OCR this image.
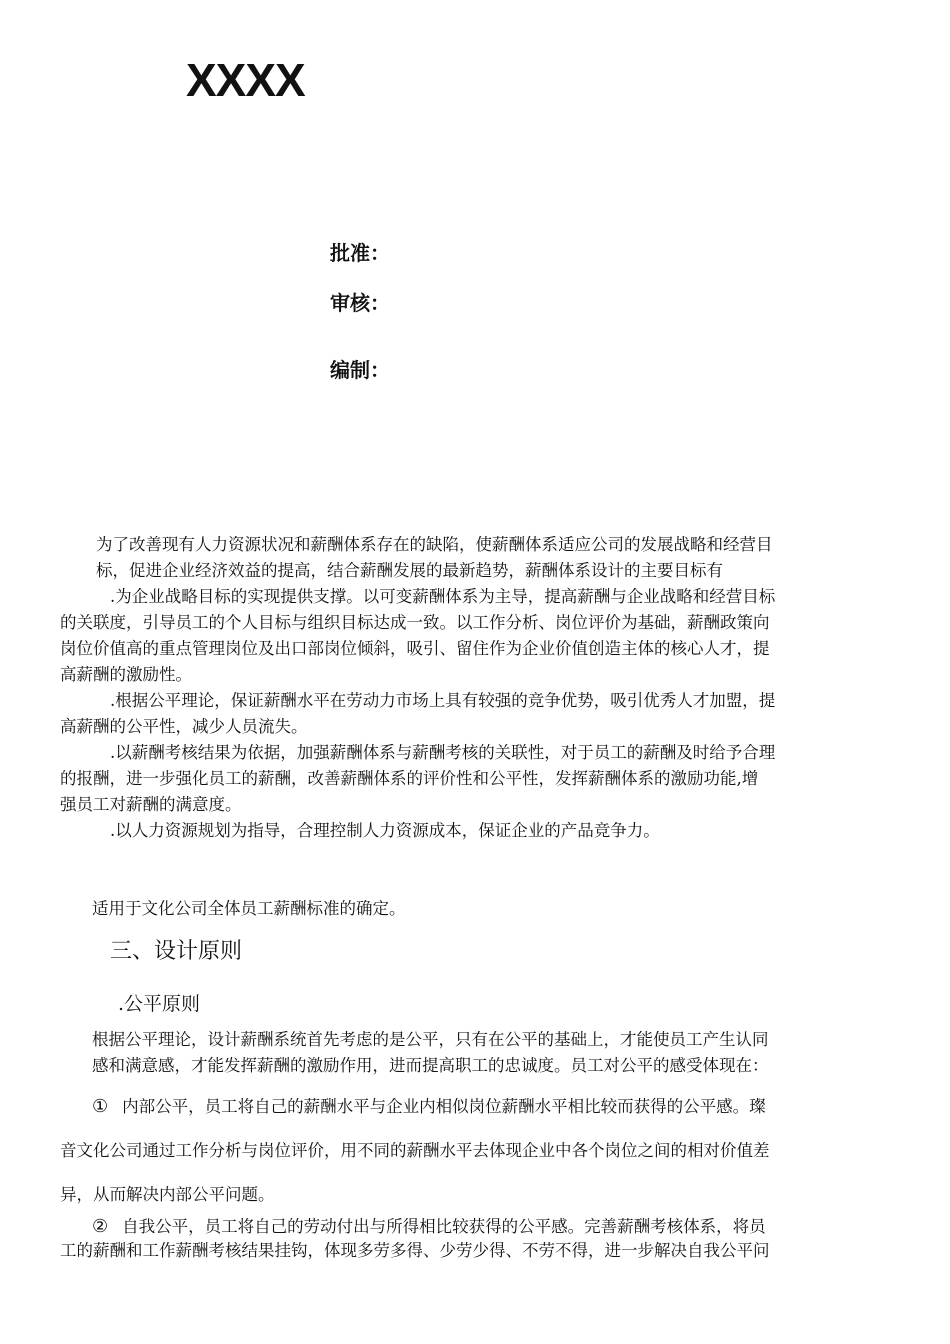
XXXX
批准：
审核：
编制：
为了改善现有人力资源状况和薪酬体系存在的缺陷，使薪酬体系适应公司的发展战略和经营目
标，促进企业经济效益的提高，结合薪酬发展的最新趋势，薪酬体系设计的主要目标有
.为企业战略目标的实现提供支撑。以可变薪酬体系为主导，提高薪酬与企业战略和经营目标
的关联度，引导员工的个人目标与组织目标达成一致。以工作分析、岗位评价为基础，薪酬政策向
岗位价值高的重点管理岗位及出口部岗位倾斜，吸引、留住作为企业价值创造主体的核心人才，提
高薪酬的激励性。
.根据公平理论，保证薪酬水平在劳动力市场上具有较强的竞争优势，吸引优秀人才加盟，提
高薪酬的公平性，减少人员流失。
.以薪酬考核结果为依据，加强薪酬体系与薪酬考核的关联性，对于员工的薪酬及时给予合理
的报酬，进一步强化员工的薪酬，改善薪酬体系的评价性和公平性，发挥薪酬体系的激励功能,增
强员工对薪酬的满意度。
.以人力资源规划为指导，合理控制人力资源成本，保证企业的产品竞争力。
适用于文化公司全体员工薪酬标准的确定。
三、设计原则
.公平原则
根据公平理论，设计薪酬系统首先考虑的是公平，只有在公平的基础上，才能使员工产生认同
感和满意感，才能发挥薪酬的激励作用，进而提高职工的忠诚度。员工对公平的感受体现在：
① 内部公平，员工将自己的薪酬水平与企业内相似岗位薪酬水平相比较而获得的公平感。璨
音文化公司通过工作分析与岗位评价，用不同的薪酬水平去体现企业中各个岗位之间的相对价值差
异，从而解决内部公平问题。
② 自我公平，员工将自己的劳动付出与所得相比较获得的公平感。完善薪酬考核体系，将员
工的薪酬和工作薪酬考核结果挂钩，体现多劳多得、少劳少得、不劳不得，进一步解决自我公平问
